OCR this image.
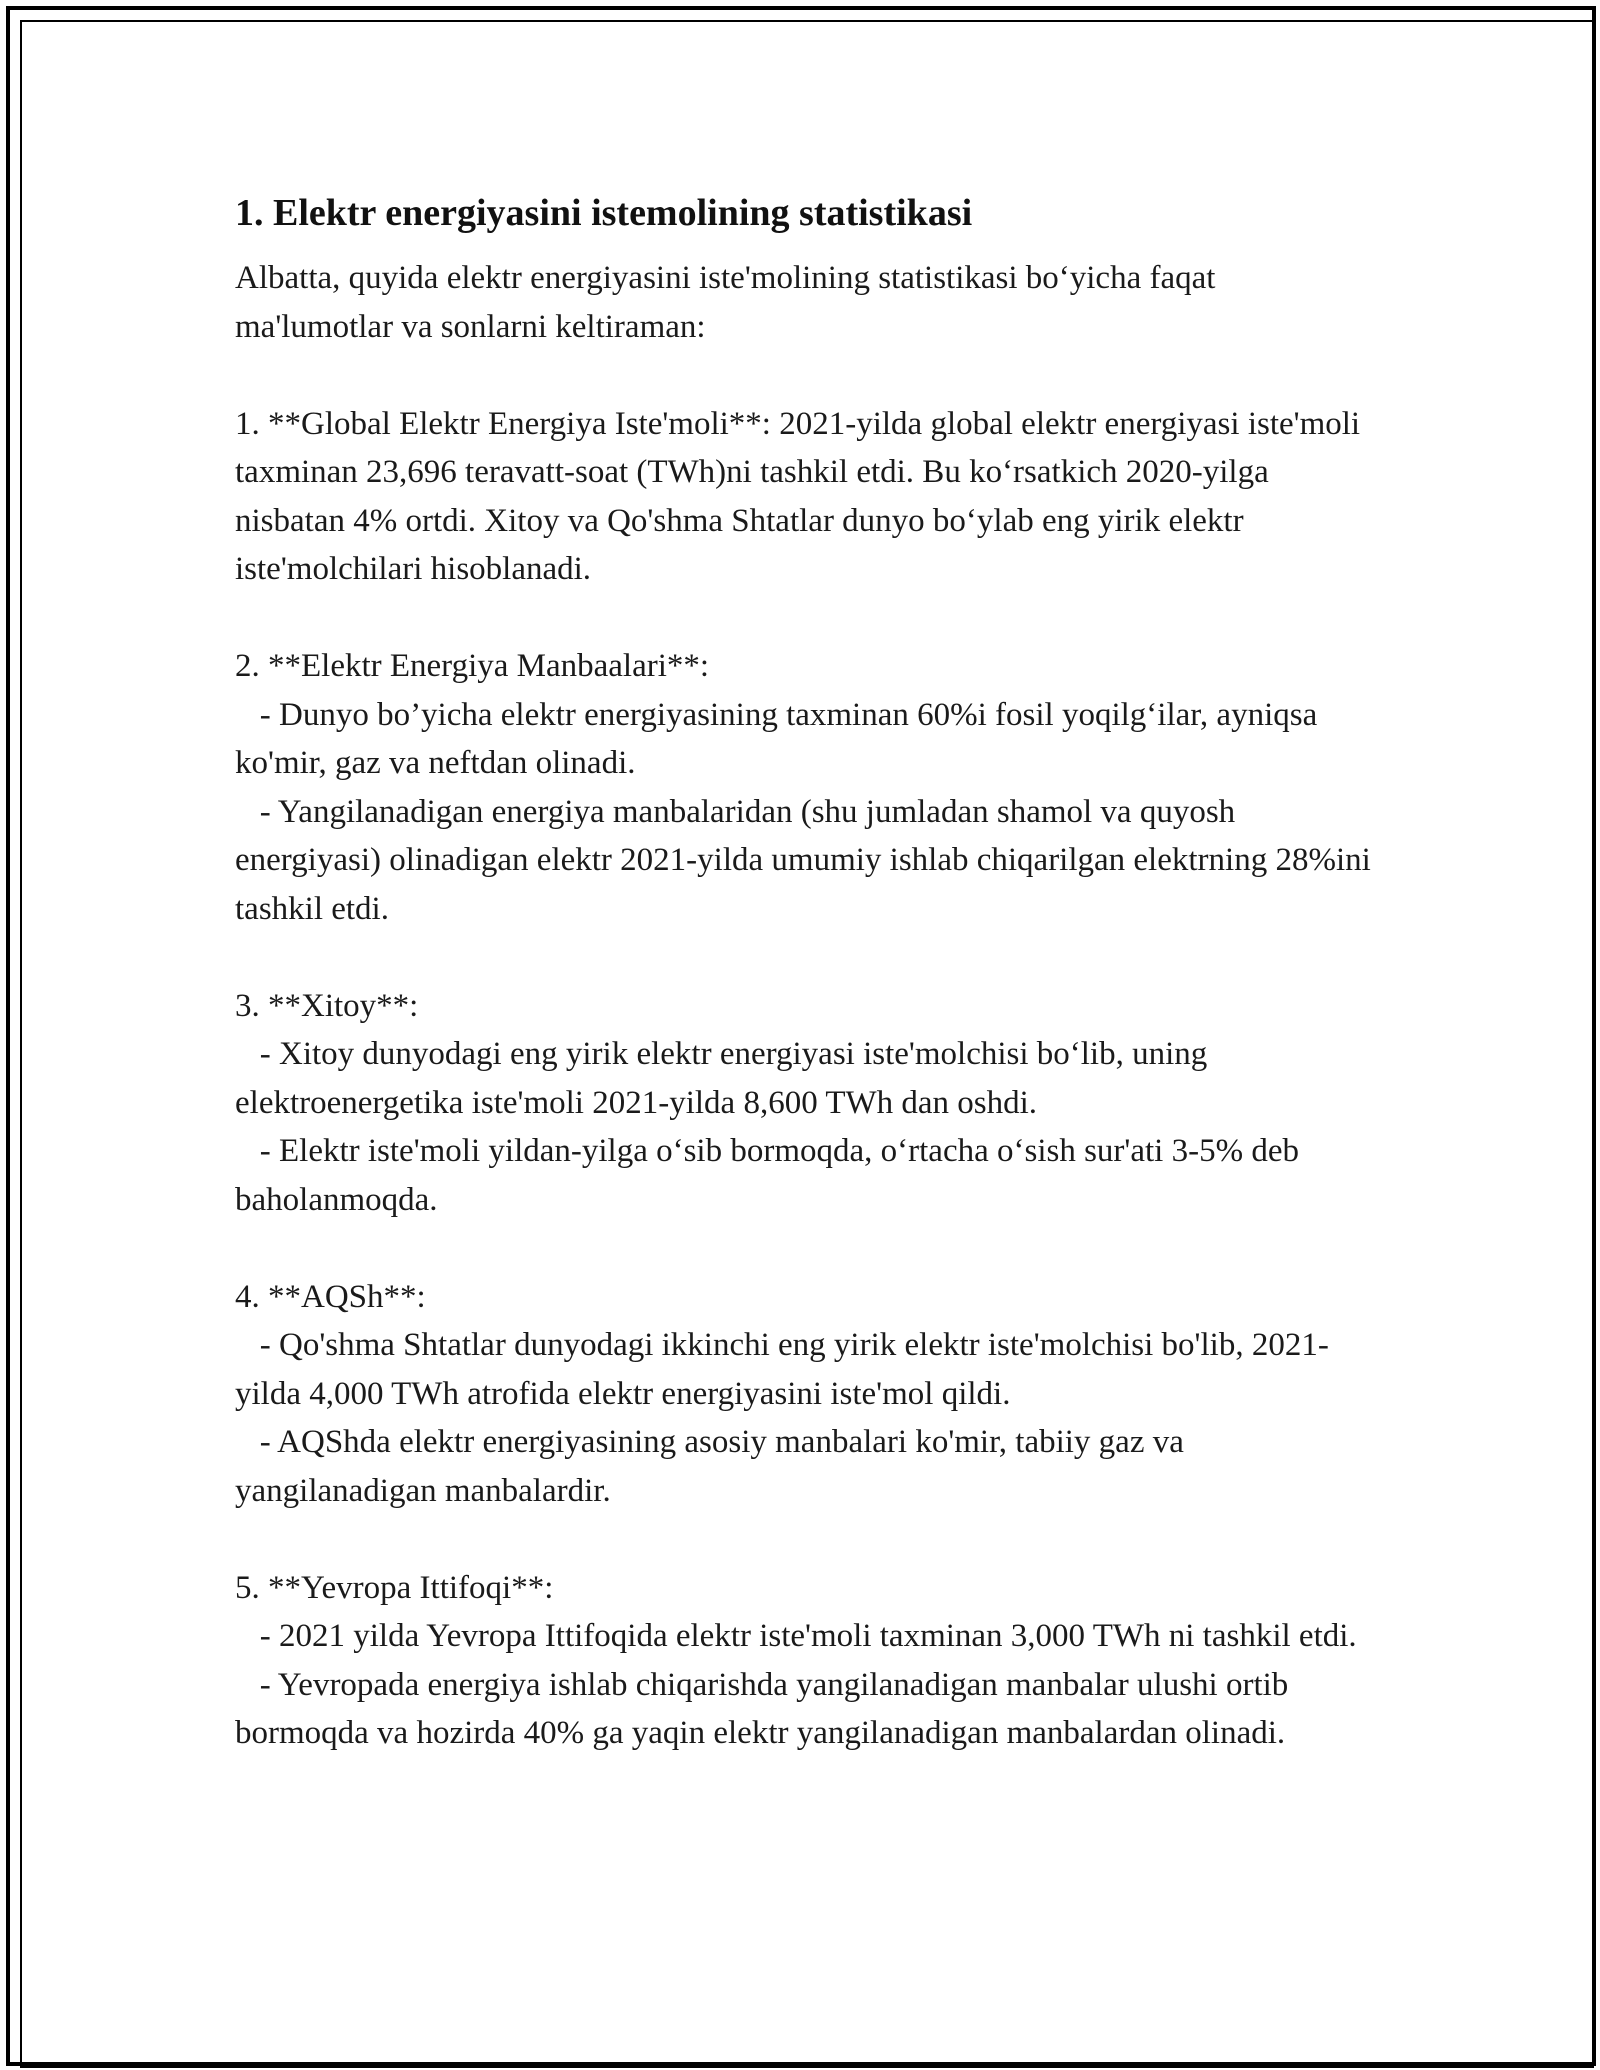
1. Elektr energiyasini istemolining statistikasi

Albatta, quyida elektr energiyasini iste'molining statistikasi bo‘yicha faqat ma'lumotlar va sonlarni keltiraman:

1. **Global Elektr Energiya Iste'moli**: 2021-yilda global elektr energiyasi iste'moli taxminan 23,696 teravatt-soat (TWh)ni tashkil etdi. Bu ko‘rsatkich 2020-yilga nisbatan 4% ortdi. Xitoy va Qo'shma Shtatlar dunyo bo‘ylab eng yirik elektr iste'molchilari hisoblanadi.

2. **Elektr Energiya Manbaalari**:

- Dunyo bo’yicha elektr energiyasining taxminan 60%i fosil yoqilg‘ilar, ayniqsa ko'mir, gaz va neftdan olinadi.

- Yangilanadigan energiya manbalaridan (shu jumladan shamol va quyosh energiyasi) olinadigan elektr 2021-yilda umumiy ishlab chiqarilgan elektrning 28%ini tashkil etdi.

3. **Xitoy**:

- Xitoy dunyodagi eng yirik elektr energiyasi iste'molchisi bo‘lib, uning elektroenergetika iste'moli 2021-yilda 8,600 TWh dan oshdi.

- Elektr iste'moli yildan-yilga o‘sib bormoqda, o‘rtacha o‘sish sur'ati 3-5% deb baholanmoqda.

4. **AQSh**:

- Qo'shma Shtatlar dunyodagi ikkinchi eng yirik elektr iste'molchisi bo'lib, 2021-yilda 4,000 TWh atrofida elektr energiyasini iste'mol qildi.

- AQShda elektr energiyasining asosiy manbalari ko'mir, tabiiy gaz va yangilanadigan manbalardir.

5. **Yevropa Ittifoqi**:

- 2021 yilda Yevropa Ittifoqida elektr iste'moli taxminan 3,000 TWh ni tashkil etdi.

- Yevropada energiya ishlab chiqarishda yangilanadigan manbalar ulushi ortib bormoqda va hozirda 40% ga yaqin elektr yangilanadigan manbalardan olinadi.
